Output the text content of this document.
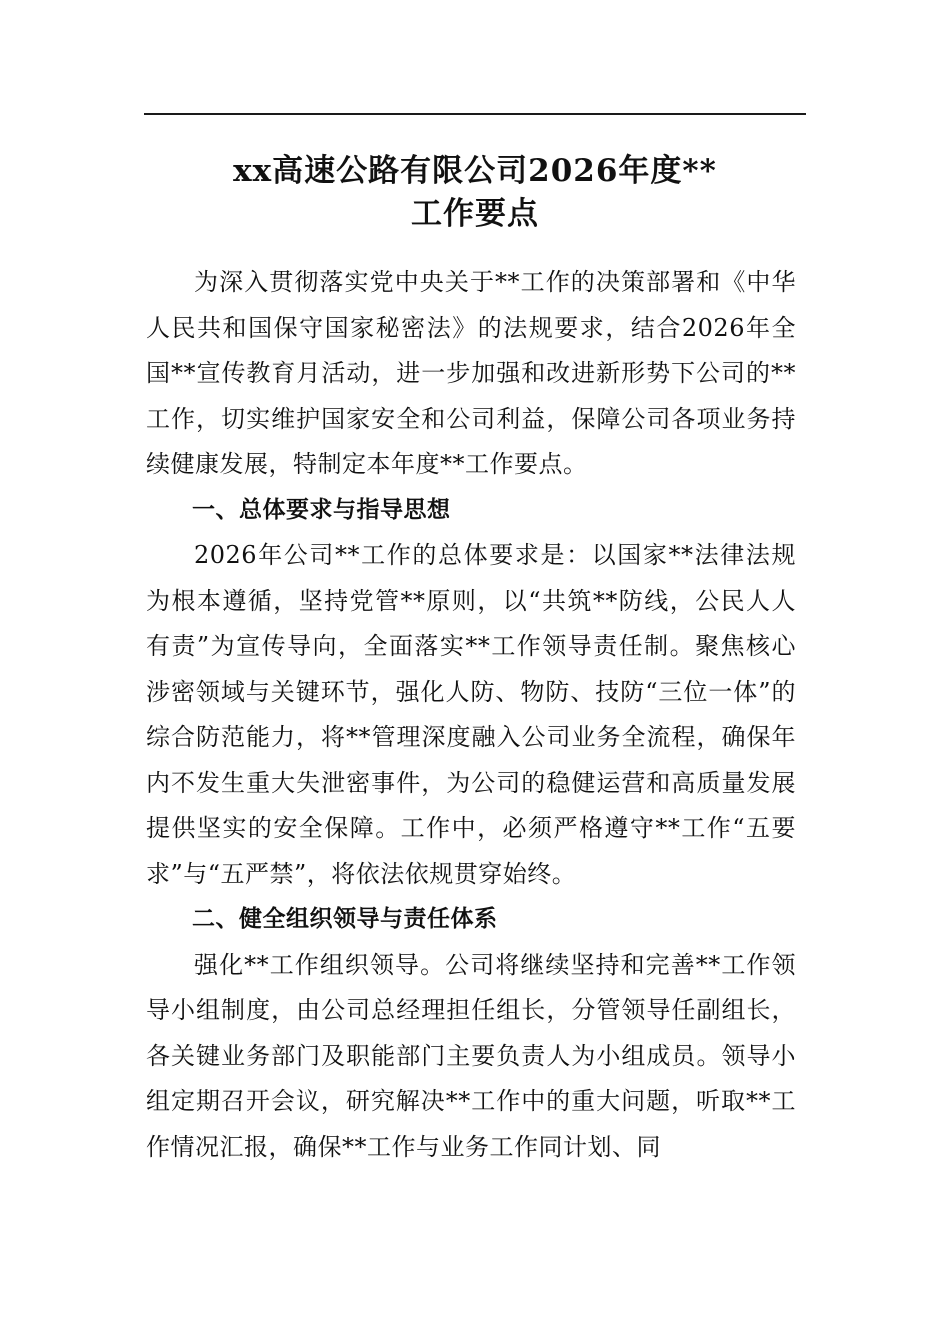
xx高速公路有限公司2026年度**
工作要点

为深入贯彻落实党中央关于**工作的决策部署和《中华人民共和国保守国家秘密法》的法规要求，结合2026年全国**宣传教育月活动，进一步加强和改进新形势下公司的**工作，切实维护国家安全和公司利益，保障公司各项业务持续健康发展，特制定本年度**工作要点。

一、总体要求与指导思想

2026年公司**工作的总体要求是：以国家**法律法规为根本遵循，坚持党管**原则，以“共筑**防线，公民人人有责”为宣传导向，全面落实**工作领导责任制。聚焦核心涉密领域与关键环节，强化人防、物防、技防“三位一体”的综合防范能力，将**管理深度融入公司业务全流程，确保年内不发生重大失泄密事件，为公司的稳健运营和高质量发展提供坚实的安全保障。工作中，必须严格遵守**工作“五要求”与“五严禁”，将依法依规贯穿始终。

二、健全组织领导与责任体系

强化**工作组织领导。公司将继续坚持和完善**工作领导小组制度，由公司总经理担任组长，分管领导任副组长，各关键业务部门及职能部门主要负责人为小组成员。领导小组定期召开会议，研究解决**工作中的重大问题，听取**工作情况汇报，确保**工作与业务工作同计划、同
